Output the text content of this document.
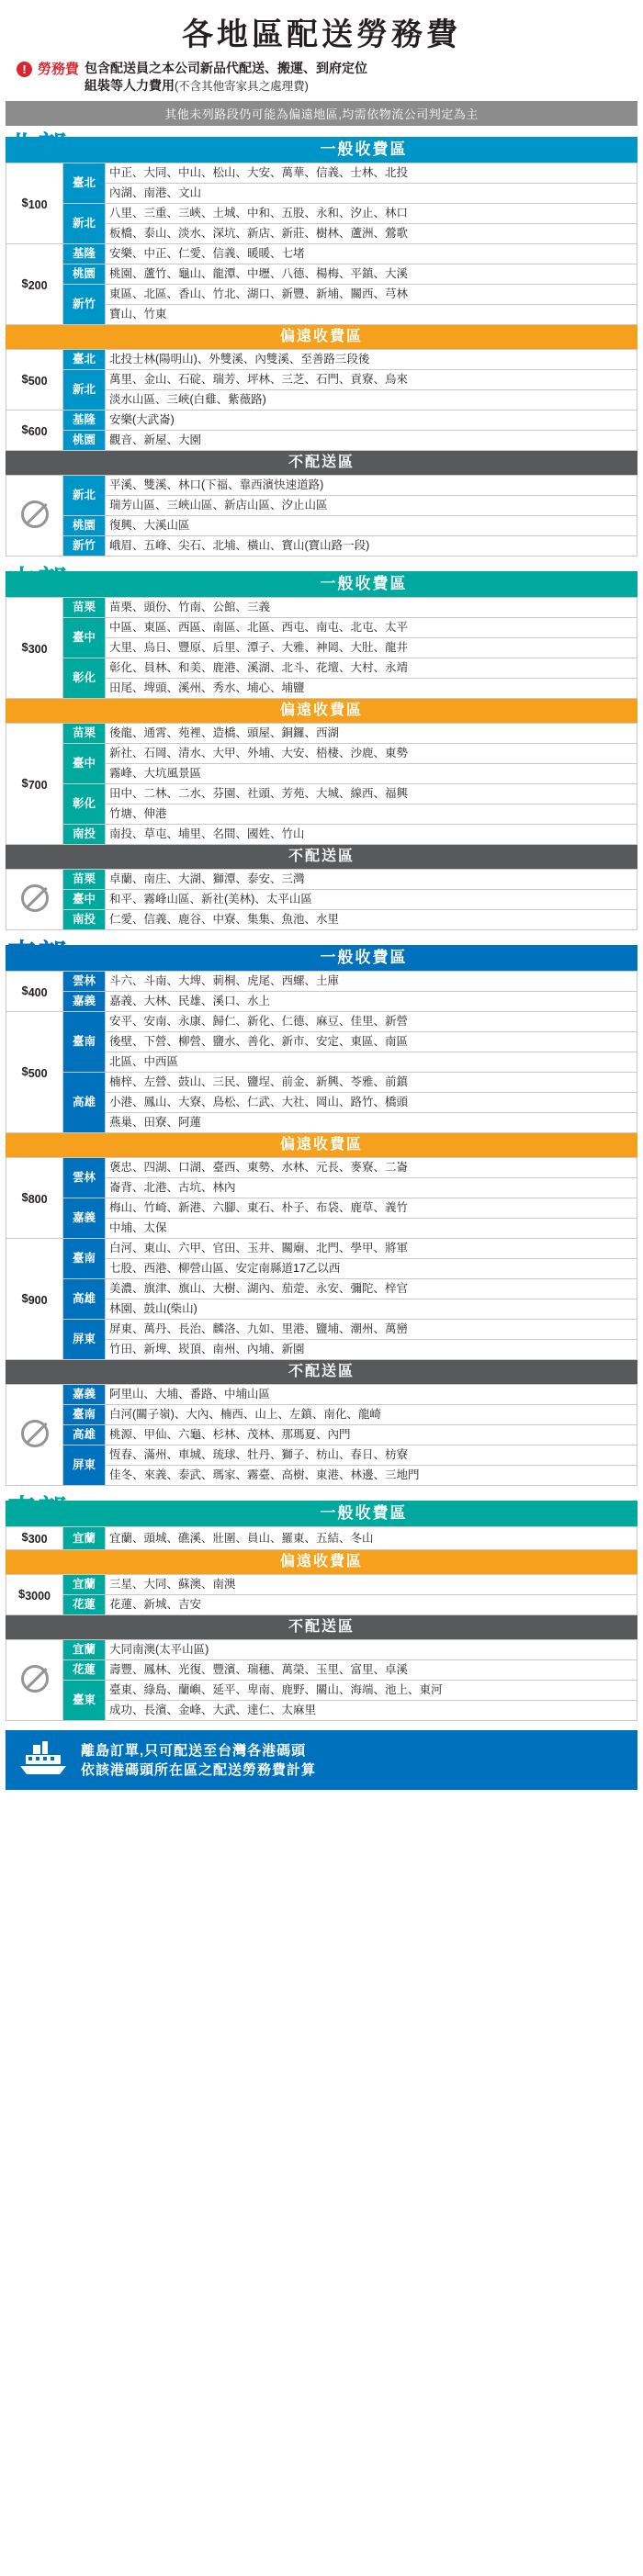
各地區配送勞務費
! 勞務費 包含配送員之本公司新品代配送、搬運、到府定位
組裝等人力費用(不含其他寄家具之處理費)
其他未列路段仍可能為偏遠地區,均需依物流公司判定為主
一般收費區
北部
$100	臺北	中正、大同、中山、松山、大安、萬華、信義、士林、北投
		內湖、南港、文山
	新北	八里、三重、三峽、土城、中和、五股、永和、汐止、林口
		板橋、泰山、淡水、深坑、新店、新莊、樹林、蘆洲、鶯歌
$200	基隆	安樂、中正、仁愛、信義、暖暖、七堵
	桃園	桃園、蘆竹、龜山、龍潭、中壢、八德、楊梅、平鎮、大溪
	新竹	東區、北區、香山、竹北、湖口、新豐、新埔、關西、芎林
		寶山、竹東
偏遠收費區
$500	臺北	北投士林(陽明山)、外雙溪、內雙溪、至善路三段後
	新北	萬里、金山、石碇、瑞芳、坪林、三芝、石門、貢寮、烏來
		淡水山區、三峽(白雞、紫薇路)
$600	基隆	安樂(大武崙)
	桃園	觀音、新屋、大園
不配送區
	新北	平溪、雙溪、林口(下福、靠西濱快速道路)
		瑞芳山區、三峽山區、新店山區、汐止山區
	桃園	復興、大溪山區
	新竹	峨眉、五峰、尖石、北埔、橫山、寶山(寶山路一段)
一般收費區
中部
$300	苗栗	苗栗、頭份、竹南、公館、三義
	臺中	中區、東區、西區、南區、北區、西屯、南屯、北屯、太平
		大里、烏日、豐原、后里、潭子、大雅、神岡、大肚、龍井
	彰化	彰化、員林、和美、鹿港、溪湖、北斗、花壇、大村、永靖
		田尾、埤頭、溪州、秀水、埔心、埔鹽
偏遠收費區
$700	苗栗	後龍、通霄、苑裡、造橋、頭屋、銅鑼、西湖
	臺中	新社、石岡、清水、大甲、外埔、大安、梧棲、沙鹿、東勢
		霧峰、大坑風景區
	彰化	田中、二林、二水、芬園、社頭、芳苑、大城、線西、福興
		竹塘、伸港
	南投	南投、草屯、埔里、名間、國姓、竹山
不配送區
	苗栗	卓蘭、南庄、大湖、獅潭、泰安、三灣
	臺中	和平、霧峰山區、新社(美林)、太平山區
	南投	仁愛、信義、鹿谷、中寮、集集、魚池、水里
一般收費區
南部
$400	雲林	斗六、斗南、大埤、莿桐、虎尾、西螺、土庫
	嘉義	嘉義、大林、民雄、溪口、水上
$500	臺南	安平、安南、永康、歸仁、新化、仁德、麻豆、佳里、新營
		後壁、下營、柳營、鹽水、善化、新市、安定、東區、南區
		北區、中西區
	高雄	楠梓、左營、鼓山、三民、鹽埕、前金、新興、苓雅、前鎮
		小港、鳳山、大寮、鳥松、仁武、大社、岡山、路竹、橋頭
		燕巢、田寮、阿蓮
偏遠收費區
$800	雲林	褒忠、四湖、口湖、臺西、東勢、水林、元長、麥寮、二崙
		崙背、北港、古坑、林內
	嘉義	梅山、竹崎、新港、六腳、東石、朴子、布袋、鹿草、義竹
		中埔、太保
$900	臺南	白河、東山、六甲、官田、玉井、關廟、北門、學甲、將軍
		七股、西港、柳營山區、安定南縣道17乙以西
	高雄	美濃、旗津、旗山、大樹、湖內、茄萣、永安、彌陀、梓官
		林園、鼓山(柴山)
	屏東	屏東、萬丹、長治、麟洛、九如、里港、鹽埔、潮州、萬巒
		竹田、新埤、崁頂、南州、內埔、新園
不配送區
	嘉義	阿里山、大埔、番路、中埔山區
	臺南	白河(關子嶺)、大內、楠西、山上、左鎮、南化、龍崎
	高雄	桃源、甲仙、六龜、杉林、茂林、那瑪夏、內門
	屏東	恆春、滿州、車城、琉球、牡丹、獅子、枋山、春日、枋寮
		佳冬、來義、泰武、瑪家、霧臺、高樹、東港、林邊、三地門
一般收費區
東部
$300	宜蘭	宜蘭、頭城、礁溪、壯圍、員山、羅東、五結、冬山
偏遠收費區
$3000	宜蘭	三星、大同、蘇澳、南澳
	花蓮	花蓮、新城、吉安
不配送區
	宜蘭	大同南澳(太平山區)
	花蓮	壽豐、鳳林、光復、豐濱、瑞穗、萬榮、玉里、富里、卓溪
	臺東	臺東、綠島、蘭嶼、延平、卑南、鹿野、關山、海端、池上、東河
		成功、長濱、金峰、大武、達仁、太麻里
離島訂單,只可配送至台灣各港碼頭
依該港碼頭所在區之配送勞務費計算
